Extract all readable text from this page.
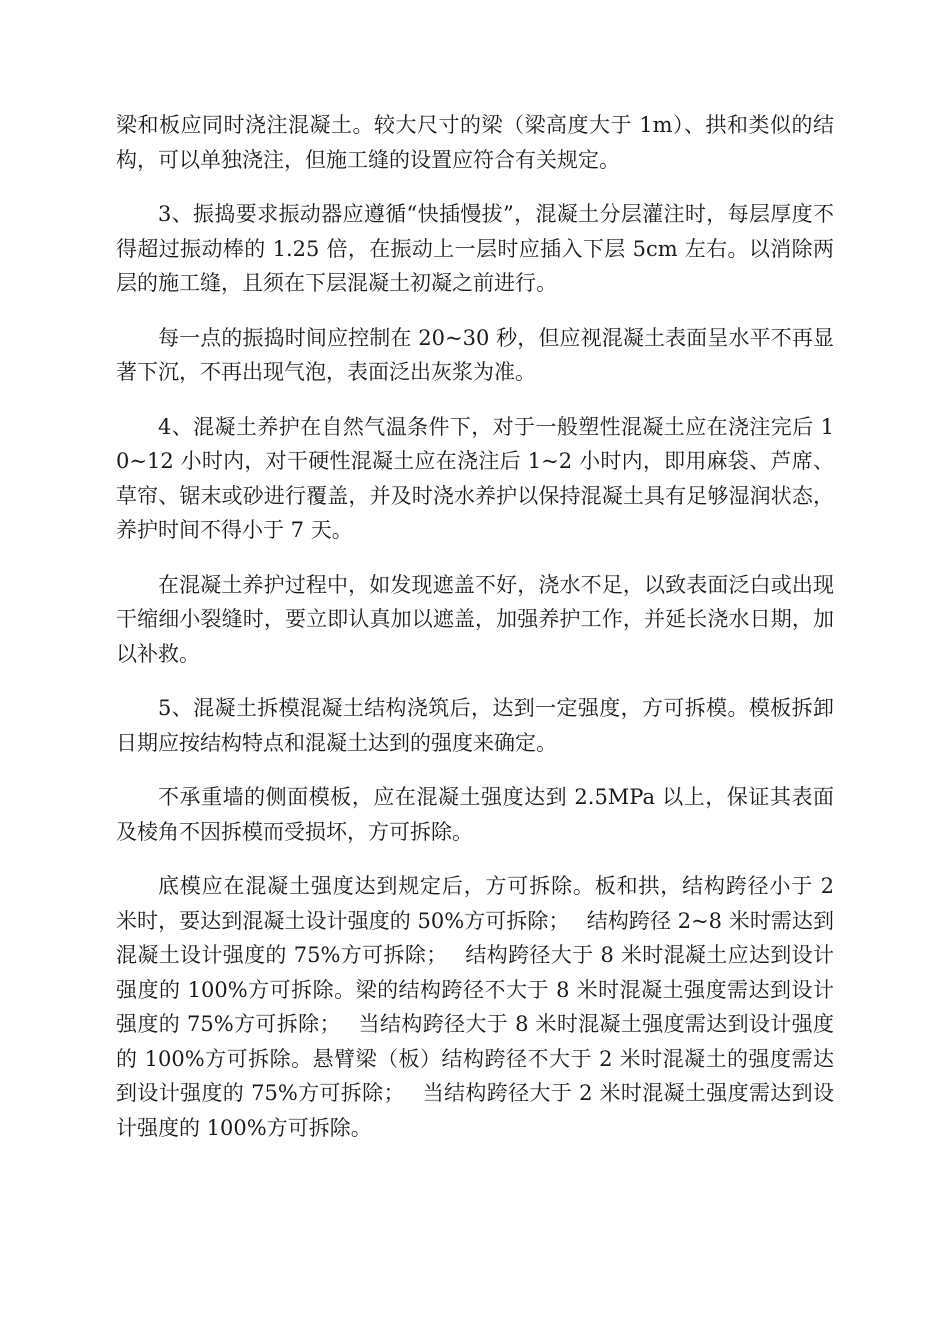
梁和板应同时浇注混凝土。较大尺寸的梁（梁高度大于 1m）、拱和类似的结构，可以单独浇注，但施工缝的设置应符合有关规定。

3、振捣要求振动器应遵循“快插慢拔”，混凝土分层灌注时，每层厚度不得超过振动棒的 1.25 倍，在振动上一层时应插入下层 5cm 左右。以消除两层的施工缝，且须在下层混凝土初凝之前进行。

每一点的振捣时间应控制在 20~30 秒，但应视混凝土表面呈水平不再显著下沉，不再出现气泡，表面泛出灰浆为准。

4、混凝土养护在自然气温条件下，对于一般塑性混凝土应在浇注完后 10~12 小时内，对干硬性混凝土应在浇注后 1~2 小时内，即用麻袋、芦席、草帘、锯末或砂进行覆盖，并及时浇水养护以保持混凝土具有足够湿润状态，养护时间不得小于 7 天。

在混凝土养护过程中，如发现遮盖不好，浇水不足，以致表面泛白或出现干缩细小裂缝时，要立即认真加以遮盖，加强养护工作，并延长浇水日期，加以补救。

5、混凝土拆模混凝土结构浇筑后，达到一定强度，方可拆模。模板拆卸日期应按结构特点和混凝土达到的强度来确定。

不承重墙的侧面模板，应在混凝土强度达到 2.5MPa 以上，保证其表面及棱角不因拆模而受损坏，方可拆除。

底模应在混凝土强度达到规定后，方可拆除。板和拱，结构跨径小于 2 米时，要达到混凝土设计强度的 50%方可拆除；　 结构跨径 2~8 米时需达到混凝土设计强度的 75%方可拆除；　 结构跨径大于 8 米时混凝土应达到设计强度的 100%方可拆除。梁的结构跨径不大于 8 米时混凝土强度需达到设计强度的 75%方可拆除；　 当结构跨径大于 8 米时混凝土强度需达到设计强度的 100%方可拆除。悬臂梁（板）结构跨径不大于 2 米时混凝土的强度需达到设计强度的 75%方可拆除；　 当结构跨径大于 2 米时混凝土强度需达到设计强度的 100%方可拆除。
